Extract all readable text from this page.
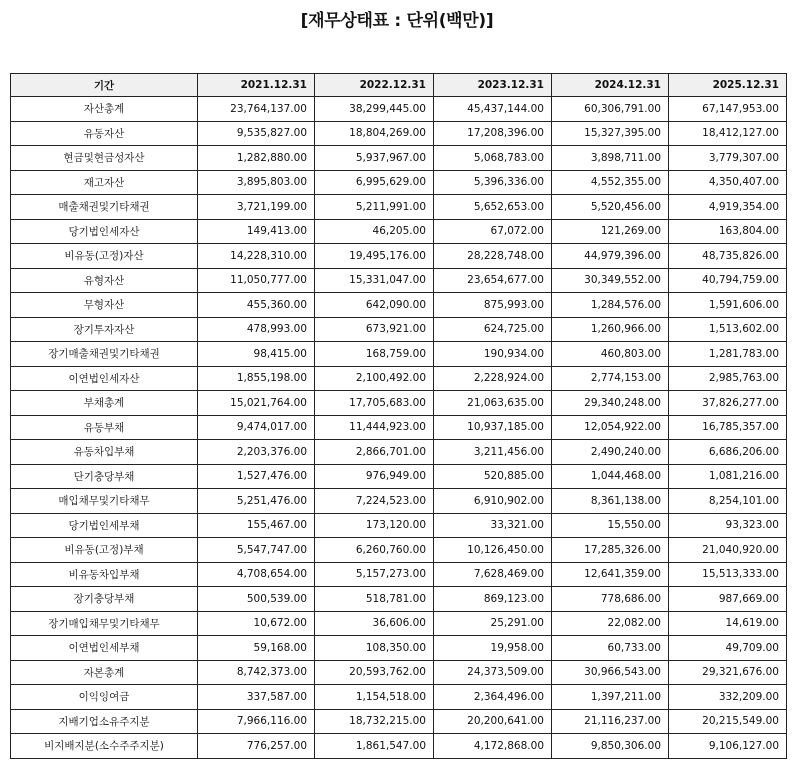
[재무상태표 : 단위(백만)]
기간	2021.12.31	2022.12.31	2023.12.31	2024.12.31	2025.12.31
자산총계	23,764,137.00	38,299,445.00	45,437,144.00	60,306,791.00	67,147,953.00
유동자산	9,535,827.00	18,804,269.00	17,208,396.00	15,327,395.00	18,412,127.00
현금및현금성자산	1,282,880.00	5,937,967.00	5,068,783.00	3,898,711.00	3,779,307.00
재고자산	3,895,803.00	6,995,629.00	5,396,336.00	4,552,355.00	4,350,407.00
매출채권및기타채권	3,721,199.00	5,211,991.00	5,652,653.00	5,520,456.00	4,919,354.00
당기법인세자산	149,413.00	46,205.00	67,072.00	121,269.00	163,804.00
비유동(고정)자산	14,228,310.00	19,495,176.00	28,228,748.00	44,979,396.00	48,735,826.00
유형자산	11,050,777.00	15,331,047.00	23,654,677.00	30,349,552.00	40,794,759.00
무형자산	455,360.00	642,090.00	875,993.00	1,284,576.00	1,591,606.00
장기투자자산	478,993.00	673,921.00	624,725.00	1,260,966.00	1,513,602.00
장기매출채권및기타채권	98,415.00	168,759.00	190,934.00	460,803.00	1,281,783.00
이연법인세자산	1,855,198.00	2,100,492.00	2,228,924.00	2,774,153.00	2,985,763.00
부채총계	15,021,764.00	17,705,683.00	21,063,635.00	29,340,248.00	37,826,277.00
유동부채	9,474,017.00	11,444,923.00	10,937,185.00	12,054,922.00	16,785,357.00
유동차입부채	2,203,376.00	2,866,701.00	3,211,456.00	2,490,240.00	6,686,206.00
단기충당부채	1,527,476.00	976,949.00	520,885.00	1,044,468.00	1,081,216.00
매입채무및기타채무	5,251,476.00	7,224,523.00	6,910,902.00	8,361,138.00	8,254,101.00
당기법인세부채	155,467.00	173,120.00	33,321.00	15,550.00	93,323.00
비유동(고정)부채	5,547,747.00	6,260,760.00	10,126,450.00	17,285,326.00	21,040,920.00
비유동차입부채	4,708,654.00	5,157,273.00	7,628,469.00	12,641,359.00	15,513,333.00
장기충당부채	500,539.00	518,781.00	869,123.00	778,686.00	987,669.00
장기매입채무및기타채무	10,672.00	36,606.00	25,291.00	22,082.00	14,619.00
이연법인세부채	59,168.00	108,350.00	19,958.00	60,733.00	49,709.00
자본총계	8,742,373.00	20,593,762.00	24,373,509.00	30,966,543.00	29,321,676.00
이익잉여금	337,587.00	1,154,518.00	2,364,496.00	1,397,211.00	332,209.00
지배기업소유주지분	7,966,116.00	18,732,215.00	20,200,641.00	21,116,237.00	20,215,549.00
비지배지분(소수주주지분)	776,257.00	1,861,547.00	4,172,868.00	9,850,306.00	9,106,127.00
